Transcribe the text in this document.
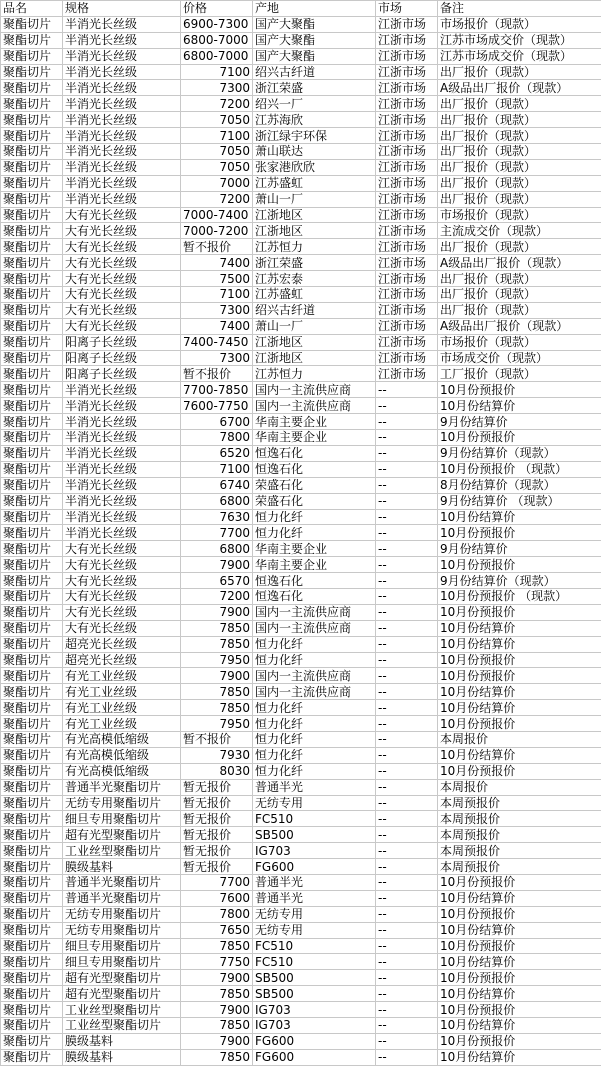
品名	规格	价格	产地	市场	备注
聚酯切片	半消光长丝级	6900-7300	国产大聚酯	江浙市场	市场报价（现款）
聚酯切片	半消光长丝级	6800-7000	国产大聚酯	江浙市场	江苏市场成交价（现款）
聚酯切片	半消光长丝级	6800-7000	国产大聚酯	江浙市场	江苏市场成交价（现款）
聚酯切片	半消光长丝级	7100	绍兴古纤道	江浙市场	出厂报价（现款）
聚酯切片	半消光长丝级	7300	浙江荣盛	江浙市场	A级品出厂报价（现款）
聚酯切片	半消光长丝级	7200	绍兴一厂	江浙市场	出厂报价（现款）
聚酯切片	半消光长丝级	7050	江苏海欣	江浙市场	出厂报价（现款）
聚酯切片	半消光长丝级	7100	浙江绿宇环保	江浙市场	出厂报价（现款）
聚酯切片	半消光长丝级	7050	萧山联达	江浙市场	出厂报价（现款）
聚酯切片	半消光长丝级	7050	张家港欣欣	江浙市场	出厂报价（现款）
聚酯切片	半消光长丝级	7000	江苏盛虹	江浙市场	出厂报价（现款）
聚酯切片	半消光长丝级	7200	萧山一厂	江浙市场	出厂报价（现款）
聚酯切片	大有光长丝级	7000-7400	江浙地区	江浙市场	市场报价（现款）
聚酯切片	大有光长丝级	7000-7200	江浙地区	江浙市场	主流成交价（现款）
聚酯切片	大有光长丝级	暂不报价	江苏恒力	江浙市场	出厂报价（现款）
聚酯切片	大有光长丝级	7400	浙江荣盛	江浙市场	A级品出厂报价（现款）
聚酯切片	大有光长丝级	7500	江苏宏泰	江浙市场	出厂报价（现款）
聚酯切片	大有光长丝级	7100	江苏盛虹	江浙市场	出厂报价（现款）
聚酯切片	大有光长丝级	7300	绍兴古纤道	江浙市场	出厂报价（现款）
聚酯切片	大有光长丝级	7400	萧山一厂	江浙市场	A级品出厂报价（现款）
聚酯切片	阳离子长丝级	7400-7450	江浙地区	江浙市场	市场报价（现款）
聚酯切片	阳离子长丝级	7300	江浙地区	江浙市场	市场成交价（现款）
聚酯切片	阳离子长丝级	暂不报价	江苏恒力	江浙市场	工厂报价（现款）
聚酯切片	半消光长丝级	7700-7850	国内一主流供应商	--	10月份预报价
聚酯切片	半消光长丝级	7600-7750	国内一主流供应商	--	10月份结算价
聚酯切片	半消光长丝级	6700	华南主要企业	--	9月份结算价
聚酯切片	半消光长丝级	7800	华南主要企业	--	10月份预报价
聚酯切片	半消光长丝级	6520	恒逸石化	--	9月份结算价（现款）
聚酯切片	半消光长丝级	7100	恒逸石化	--	10月份预报价 （现款）
聚酯切片	半消光长丝级	6740	荣盛石化	--	8月份结算价（现款）
聚酯切片	半消光长丝级	6800	荣盛石化	--	9月份结算价 （现款）
聚酯切片	半消光长丝级	7630	恒力化纤	--	10月份结算价
聚酯切片	半消光长丝级	7700	恒力化纤	--	10月份预报价
聚酯切片	大有光长丝级	6800	华南主要企业	--	9月份结算价
聚酯切片	大有光长丝级	7900	华南主要企业	--	10月份预报价
聚酯切片	大有光长丝级	6570	恒逸石化	--	9月份结算价（现款）
聚酯切片	大有光长丝级	7200	恒逸石化	--	10月份预报价 （现款）
聚酯切片	大有光长丝级	7900	国内一主流供应商	--	10月份预报价
聚酯切片	大有光长丝级	7850	国内一主流供应商	--	10月份结算价
聚酯切片	超亮光长丝级	7850	恒力化纤	--	10月份结算价
聚酯切片	超亮光长丝级	7950	恒力化纤	--	10月份预报价
聚酯切片	有光工业丝级	7900	国内一主流供应商	--	10月份预报价
聚酯切片	有光工业丝级	7850	国内一主流供应商	--	10月份结算价
聚酯切片	有光工业丝级	7850	恒力化纤	--	10月份结算价
聚酯切片	有光工业丝级	7950	恒力化纤	--	10月份预报价
聚酯切片	有光高模低缩级	暂不报价	恒力化纤	--	本周报价
聚酯切片	有光高模低缩级	7930	恒力化纤	--	10月份结算价
聚酯切片	有光高模低缩级	8030	恒力化纤	--	10月份预报价
聚酯切片	普通半光聚酯切片	暂无报价	普通半光	--	本周报价
聚酯切片	无纺专用聚酯切片	暂无报价	无纺专用	--	本周预报价
聚酯切片	细旦专用聚酯切片	暂无报价	FC510	--	本周预报价
聚酯切片	超有光型聚酯切片	暂无报价	SB500	--	本周预报价
聚酯切片	工业丝型聚酯切片	暂无报价	IG703	--	本周预报价
聚酯切片	膜级基料	暂无报价	FG600	--	本周预报价
聚酯切片	普通半光聚酯切片	7700	普通半光	--	10月份预报价
聚酯切片	普通半光聚酯切片	7600	普通半光	--	10月份结算价
聚酯切片	无纺专用聚酯切片	7800	无纺专用	--	10月份预报价
聚酯切片	无纺专用聚酯切片	7650	无纺专用	--	10月份结算价
聚酯切片	细旦专用聚酯切片	7850	FC510	--	10月份预报价
聚酯切片	细旦专用聚酯切片	7750	FC510	--	10月份结算价
聚酯切片	超有光型聚酯切片	7900	SB500	--	10月份预报价
聚酯切片	超有光型聚酯切片	7850	SB500	--	10月份结算价
聚酯切片	工业丝型聚酯切片	7900	IG703	--	10月份预报价
聚酯切片	工业丝型聚酯切片	7850	IG703	--	10月份结算价
聚酯切片	膜级基料	7900	FG600	--	10月份预报价
聚酯切片	膜级基料	7850	FG600	--	10月份结算价
